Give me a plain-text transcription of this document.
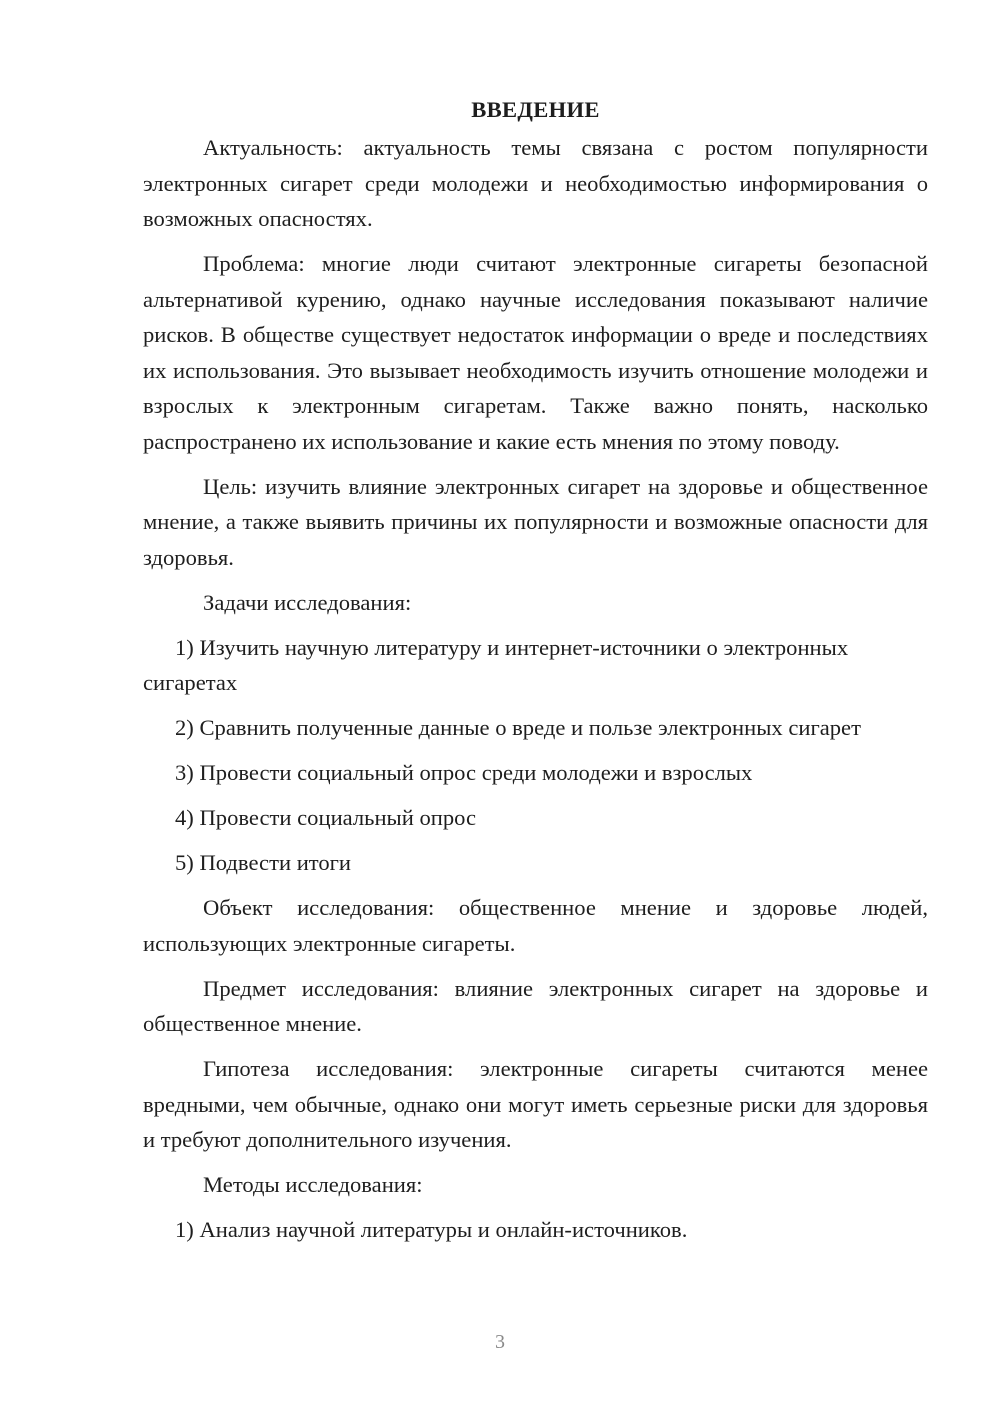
ВВЕДЕНИЕ

Актуальность: актуальность темы связана с ростом популярности электронных сигарет среди молодежи и необходимостью информирования о возможных опасностях.

Проблема: многие люди считают электронные сигареты безопасной альтернативой курению, однако научные исследования показывают наличие рисков. В обществе существует недостаток информации о вреде и последствиях их использования. Это вызывает необходимость изучить отношение молодежи и взрослых к электронным сигаретам. Также важно понять, насколько распространено их использование и какие есть мнения по этому поводу.

Цель: изучить влияние электронных сигарет на здоровье и общественное мнение, а также выявить причины их популярности и возможные опасности для здоровья.

Задачи исследования:

1) Изучить научную литературу и интернет-источники о электронных сигаретах

2) Сравнить полученные данные о вреде и пользе электронных сигарет

3) Провести социальный опрос среди молодежи и взрослых

4) Провести социальный опрос

5) Подвести итоги

Объект исследования: общественное мнение и здоровье людей, использующих электронные сигареты.

Предмет исследования: влияние электронных сигарет на здоровье и общественное мнение.

Гипотеза исследования: электронные сигареты считаются менее вредными, чем обычные, однако они могут иметь серьезные риски для здоровья и требуют дополнительного изучения.

Методы исследования:

1) Анализ научной литературы и онлайн-источников.

3
